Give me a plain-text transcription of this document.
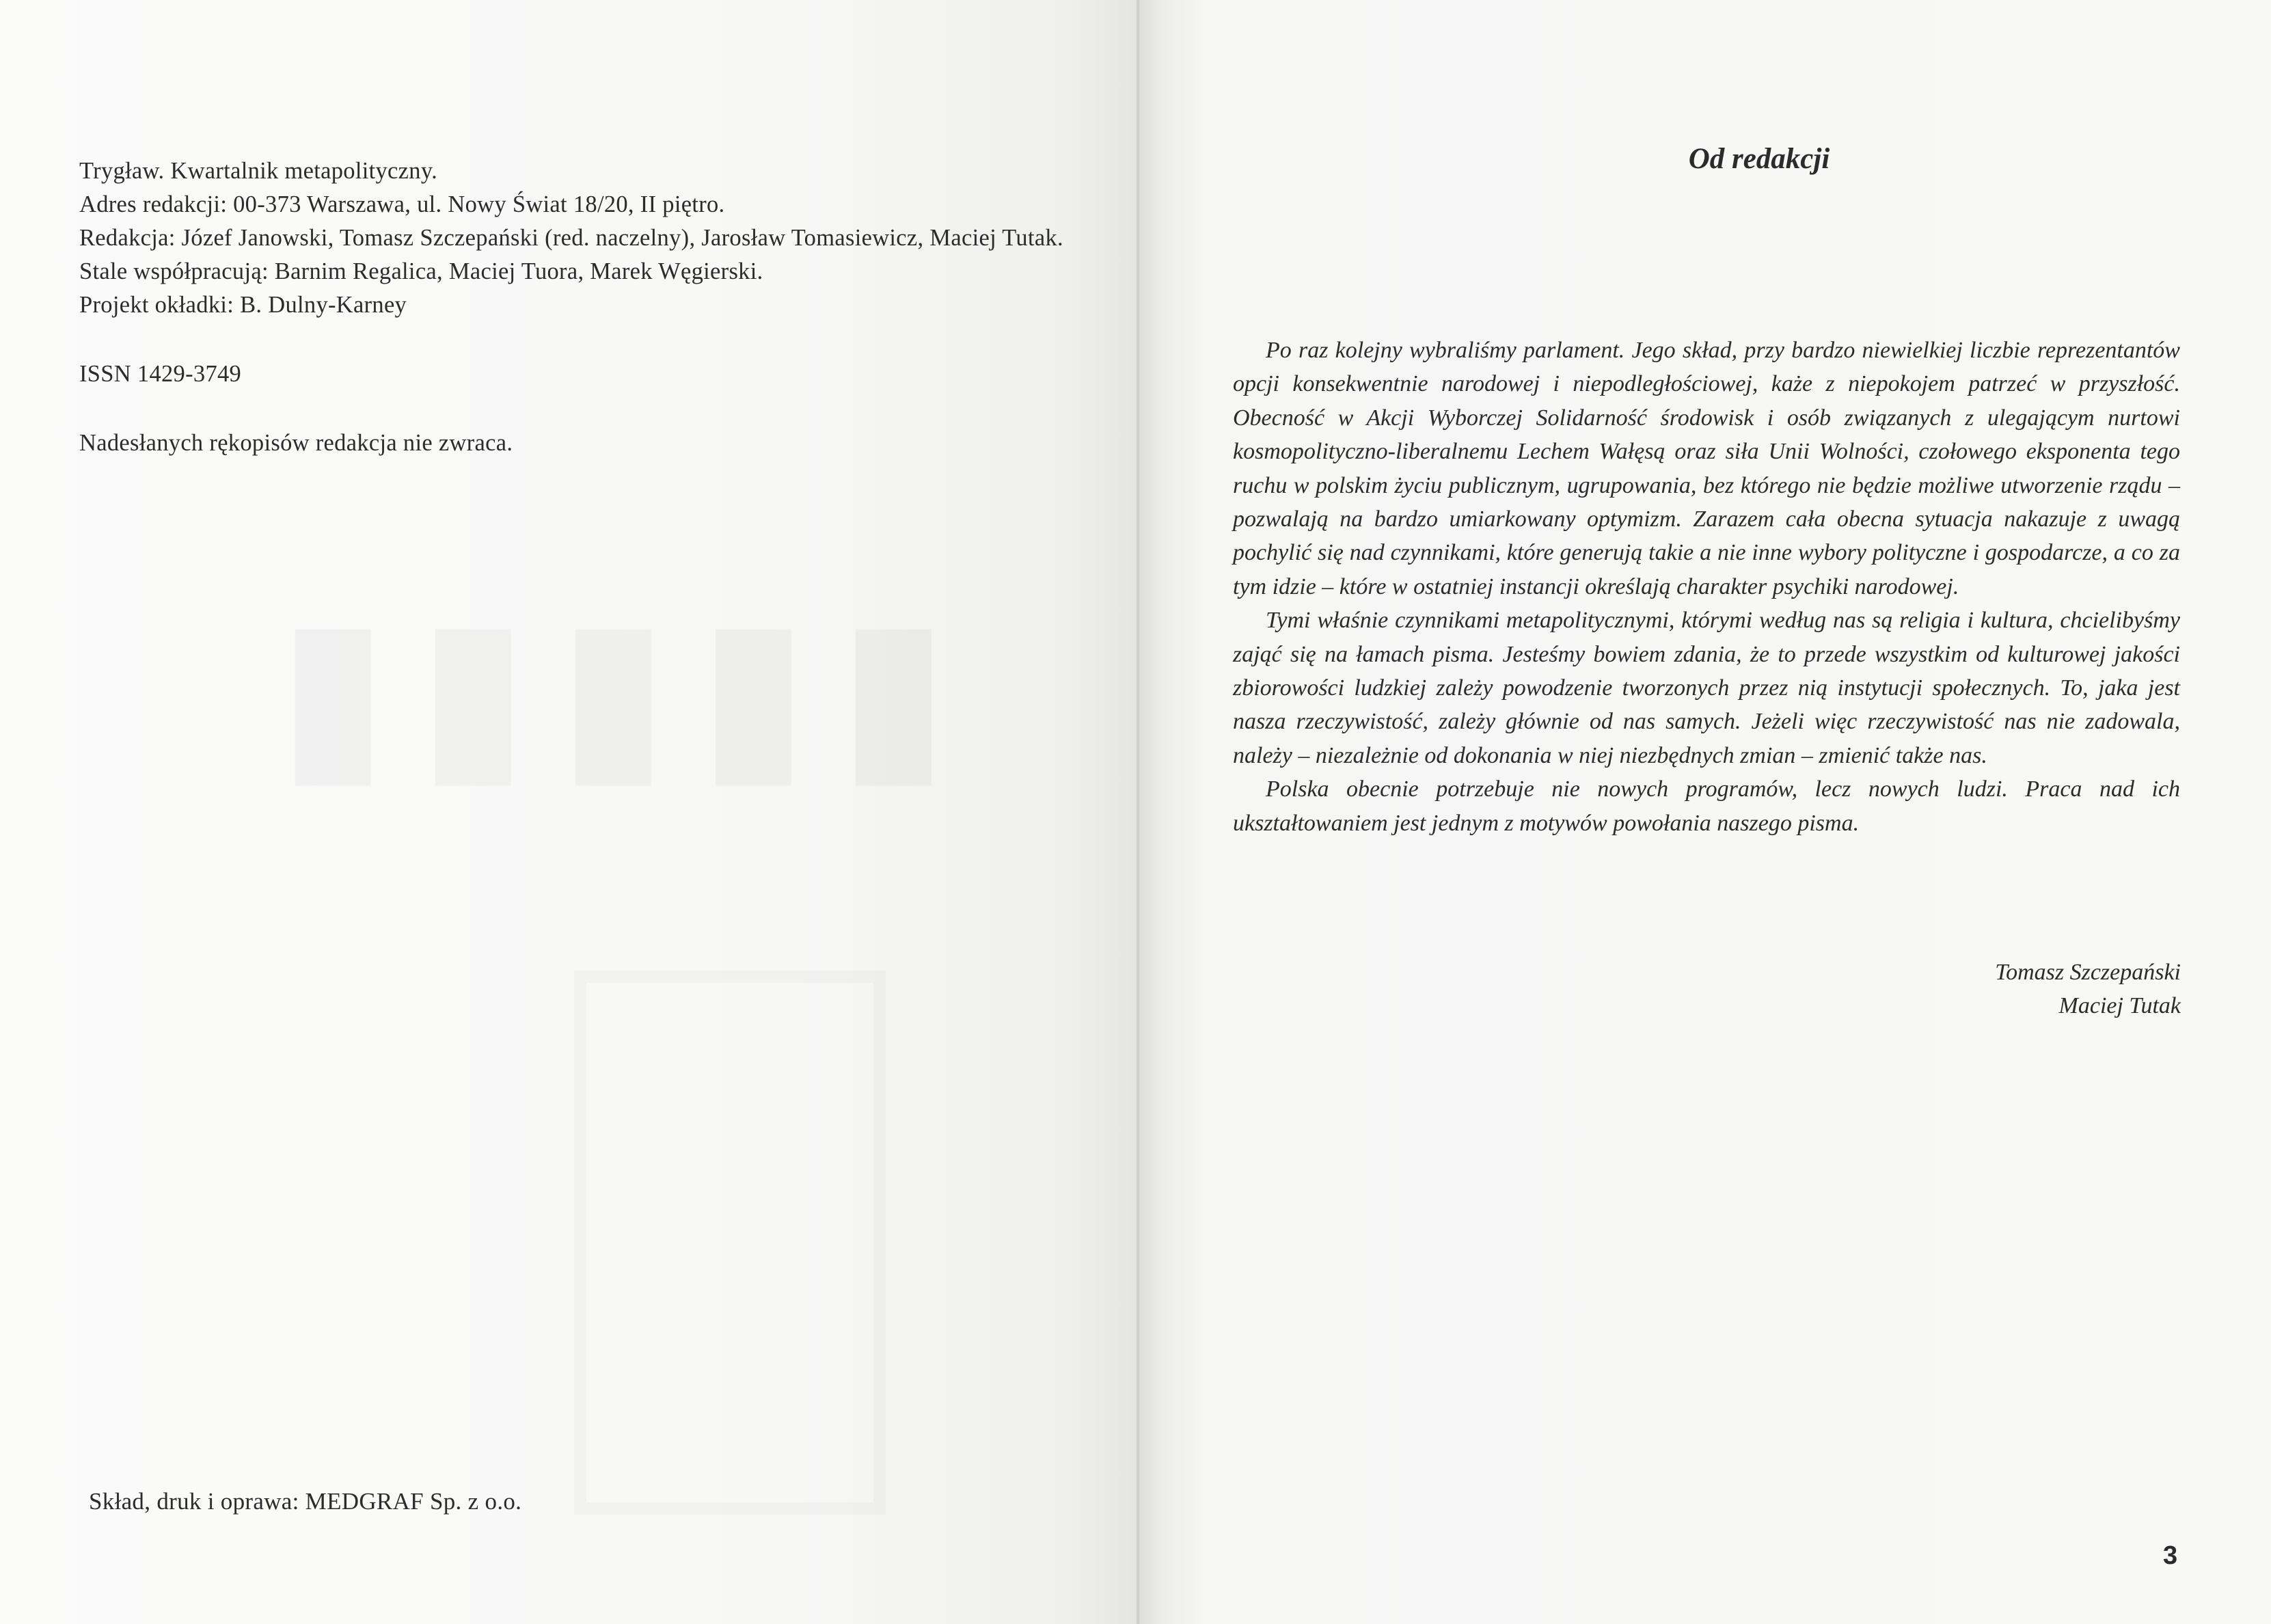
Trygław. Kwartalnik metapolityczny.

Adres redakcji: 00-373 Warszawa, ul. Nowy Świat 18/20, II piętro.

Redakcja: Józef Janowski, Tomasz Szczepański (red. naczelny), Jarosław Tomasiewicz, Maciej Tutak.

Stale współpracują: Barnim Regalica, Maciej Tuora, Marek Węgierski.

Projekt okładki: B. Dulny-Karney

ISSN 1429-3749

Nadesłanych rękopisów redakcja nie zwraca.

Skład, druk i oprawa: MEDGRAF Sp. z o.o.

Od redakcji

Po raz kolejny wybraliśmy parlament. Jego skład, przy bardzo niewielkiej liczbie reprezentantów opcji konsekwentnie narodowej i niepodległościowej, każe z niepokojem patrzeć w przyszłość. Obecność w Akcji Wyborczej Solidarność środowisk i osób związanych z ulegającym nurtowi kosmopolityczno-liberalnemu Lechem Wałęsą oraz siła Unii Wolności, czołowego eksponenta tego ruchu w polskim życiu publicznym, ugrupowania, bez którego nie będzie możliwe utworzenie rządu – pozwalają na bardzo umiarkowany optymizm. Zarazem cała obecna sytuacja nakazuje z uwagą pochylić się nad czynnikami, które generują takie a nie inne wybory polityczne i gospodarcze, a co za tym idzie – które w ostatniej instancji określają charakter psychiki narodowej.

Tymi właśnie czynnikami metapolitycznymi, którymi według nas są religia i kultura, chcielibyśmy zająć się na łamach pisma. Jesteśmy bowiem zdania, że to przede wszystkim od kulturowej jakości zbiorowości ludzkiej zależy powodzenie tworzonych przez nią instytucji społecznych. To, jaka jest nasza rzeczywistość, zależy głównie od nas samych. Jeżeli więc rzeczywistość nas nie zadowala, należy – niezależnie od dokonania w niej niezbędnych zmian – zmienić także nas.

Polska obecnie potrzebuje nie nowych programów, lecz nowych ludzi. Praca nad ich ukształtowaniem jest jednym z motywów powołania naszego pisma.

Tomasz Szczepański
Maciej Tutak
3
